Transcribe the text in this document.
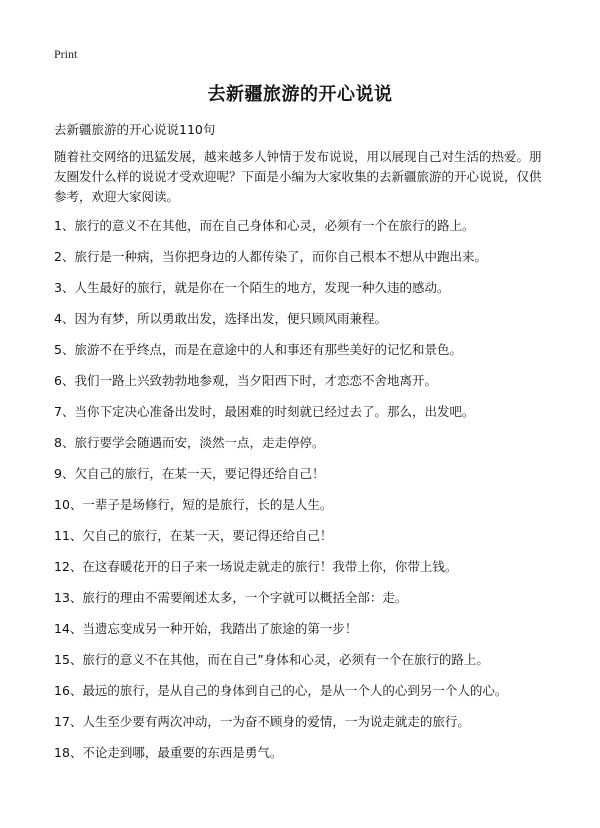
Print
去新疆旅游的开心说说
去新疆旅游的开心说说110句

随着社交网络的迅猛发展，越来越多人钟情于发布说说，用以展现自己对生活的热爱。朋友圈发什么样的说说才受欢迎呢？下面是小编为大家收集的去新疆旅游的开心说说，仅供参考，欢迎大家阅读。

1、旅行的意义不在其他，而在自己身体和心灵，必须有一个在旅行的路上。
2、旅行是一种病，当你把身边的人都传染了，而你自己根本不想从中跑出来。
3、人生最好的旅行，就是你在一个陌生的地方，发现一种久违的感动。
4、因为有梦，所以勇敢出发，选择出发，便只顾风雨兼程。
5、旅游不在乎终点，而是在意途中的人和事还有那些美好的记忆和景色。
6、我们一路上兴致勃勃地参观，当夕阳西下时，才恋恋不舍地离开。
7、当你下定决心准备出发时，最困难的时刻就已经过去了。那么，出发吧。
8、旅行要学会随遇而安，淡然一点，走走停停。
9、欠自己的旅行，在某一天，要记得还给自己！
10、一辈子是场修行，短的是旅行，长的是人生。
11、欠自己的旅行，在某一天，要记得还给自己！
12、在这春暖花开的日子来一场说走就走的旅行！我带上你，你带上钱。
13、旅行的理由不需要阐述太多，一个字就可以概括全部：走。
14、当遗忘变成另一种开始，我踏出了旅途的第一步！
15、旅行的意义不在其他，而在自己”身体和心灵，必须有一个在旅行的路上。
16、最远的旅行，是从自己的身体到自己的心，是从一个人的心到另一个人的心。
17、人生至少要有两次冲动，一为奋不顾身的爱情，一为说走就走的旅行。
18、不论走到哪，最重要的东西是勇气。
